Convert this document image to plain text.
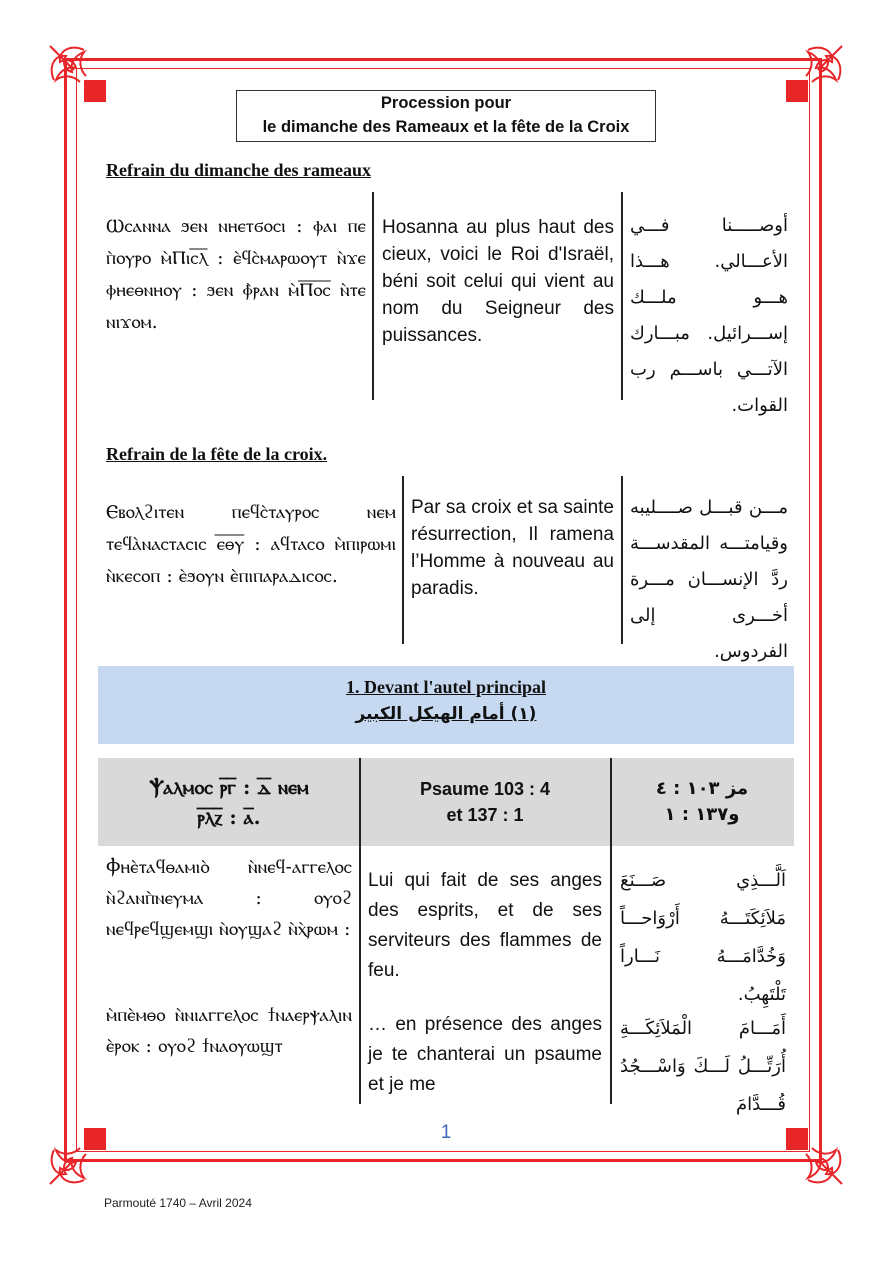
Procession pour
le dimanche des Rameaux et la fête de la Croix
Refrain du dimanche des rameaux
Ⲱⲥⲁⲛⲛⲁ ϧⲉⲛ ⲛⲏⲉⲧϭⲟⲥⲓ : ⲫⲁⲓ ⲡⲉ ⲡ̀ⲟⲩⲣⲟ ⲙ̀Ⲡⲓⲥ̅ⲗ̅ : ⲉ̀ϥⲥ̀ⲙⲁⲣⲱⲟⲩⲧ ⲛ̀ϫⲉ ⲫⲏⲉⲑⲛⲏⲟⲩ : ϧⲉⲛ ⲫ̀ⲣⲁⲛ ⲙ̀Ⲡ̅ⲟ̅ⲥ̅ ⲛ̀ⲧⲉ ⲛⲓϫⲟⲙ.
Hosanna au plus haut des cieux, voici le Roi d'Israël, béni soit celui qui vient au nom du Seigneur des puissances.
أوصـــــنا فـــي الأعـــالي. هـــذا هـــو ملـــك إســـرائيل. مبـــارك الآتـــي باســـم رب القوات.
Refrain de la fête de la croix.
Ⲉⲃⲟⲗϩⲓⲧⲉⲛ ⲡⲉϥⲥ̀ⲧⲁⲩⲣⲟⲥ ⲛⲉⲙ ⲧⲉϥⲁ̀ⲛⲁⲥⲧⲁⲥⲓⲥ ⲉ̅ⲑ̅ⲩ̅ : ⲁϥⲧⲁⲥⲟ ⲙ̀ⲡⲓⲣⲱⲙⲓ ⲛ̀ⲕⲉⲥⲟⲡ : ⲉ̀ϧⲟⲩⲛ ⲉ̀ⲡⲓⲡⲁⲣⲁⲇⲓⲥⲟⲥ.
Par sa croix et sa sainte résurrection, Il ramena l’Homme à nouveau au paradis.
مـــن قبـــل صــــليبه وقيامتـــه المقدســـة ردَّ الإنســـان مـــرة أخـــرى إلى الفردوس.
1. Devant l'autel principal
(١) أمام الهيكل الكبير
Ⲯⲁⲗⲙⲟⲥ ⲣ̅ⲅ̅ : ⲇ̅ ⲛⲉⲙ
ⲣ̅ⲗ̅ⲍ̅ : ⲁ̅.
Psaume 103 : 4
et 137 : 1
مز ١٠٣ : ٤
و١٣٧ : ١
Ⲫⲏⲉ̀ⲧⲁϥⲑⲁⲙⲓⲟ̀ ⲛ̀ⲛⲉϥ-ⲁⲅⲅⲉⲗⲟⲥ ⲛ̀ϩⲁⲛⲡ̀ⲛⲉⲩⲙⲁ : ⲟⲩⲟϩ ⲛⲉϥⲣⲉϥϣⲉⲙϣⲓ ⲛ̀ⲟⲩϣⲁϩ ⲛ̀ⲭ̀ⲣⲱⲙ :
Lui qui fait de ses anges des esprits, et de ses serviteurs des flammes de feu.
اَلَّـــذِي صَـــنَعَ مَلاَئِكَتَـــهُ أَرْوَاحـــاً وَخُدَّامَـــهُ نَـــاراً تَلْتَهِبُ.
ⲙ̀ⲡⲉ̀ⲙⲑⲟ ⲛ̀ⲛⲓⲁⲅⲅⲉⲗⲟⲥ ϯⲛⲁⲉⲣⲯⲁⲗⲓⲛ ⲉ̀ⲣⲟⲕ : ⲟⲩⲟϩ ϯⲛⲁⲟⲩⲱϣⲧ
… en présence des anges je te chanterai un psaume et je me
أَمَـــامَ الْمَلاَئِكَـــةِ أُرَتِّـــلُ لَـــكَ وَاسْـــجُدُ قُـــدَّامَ
1
Parmouté 1740 – Avril 2024
